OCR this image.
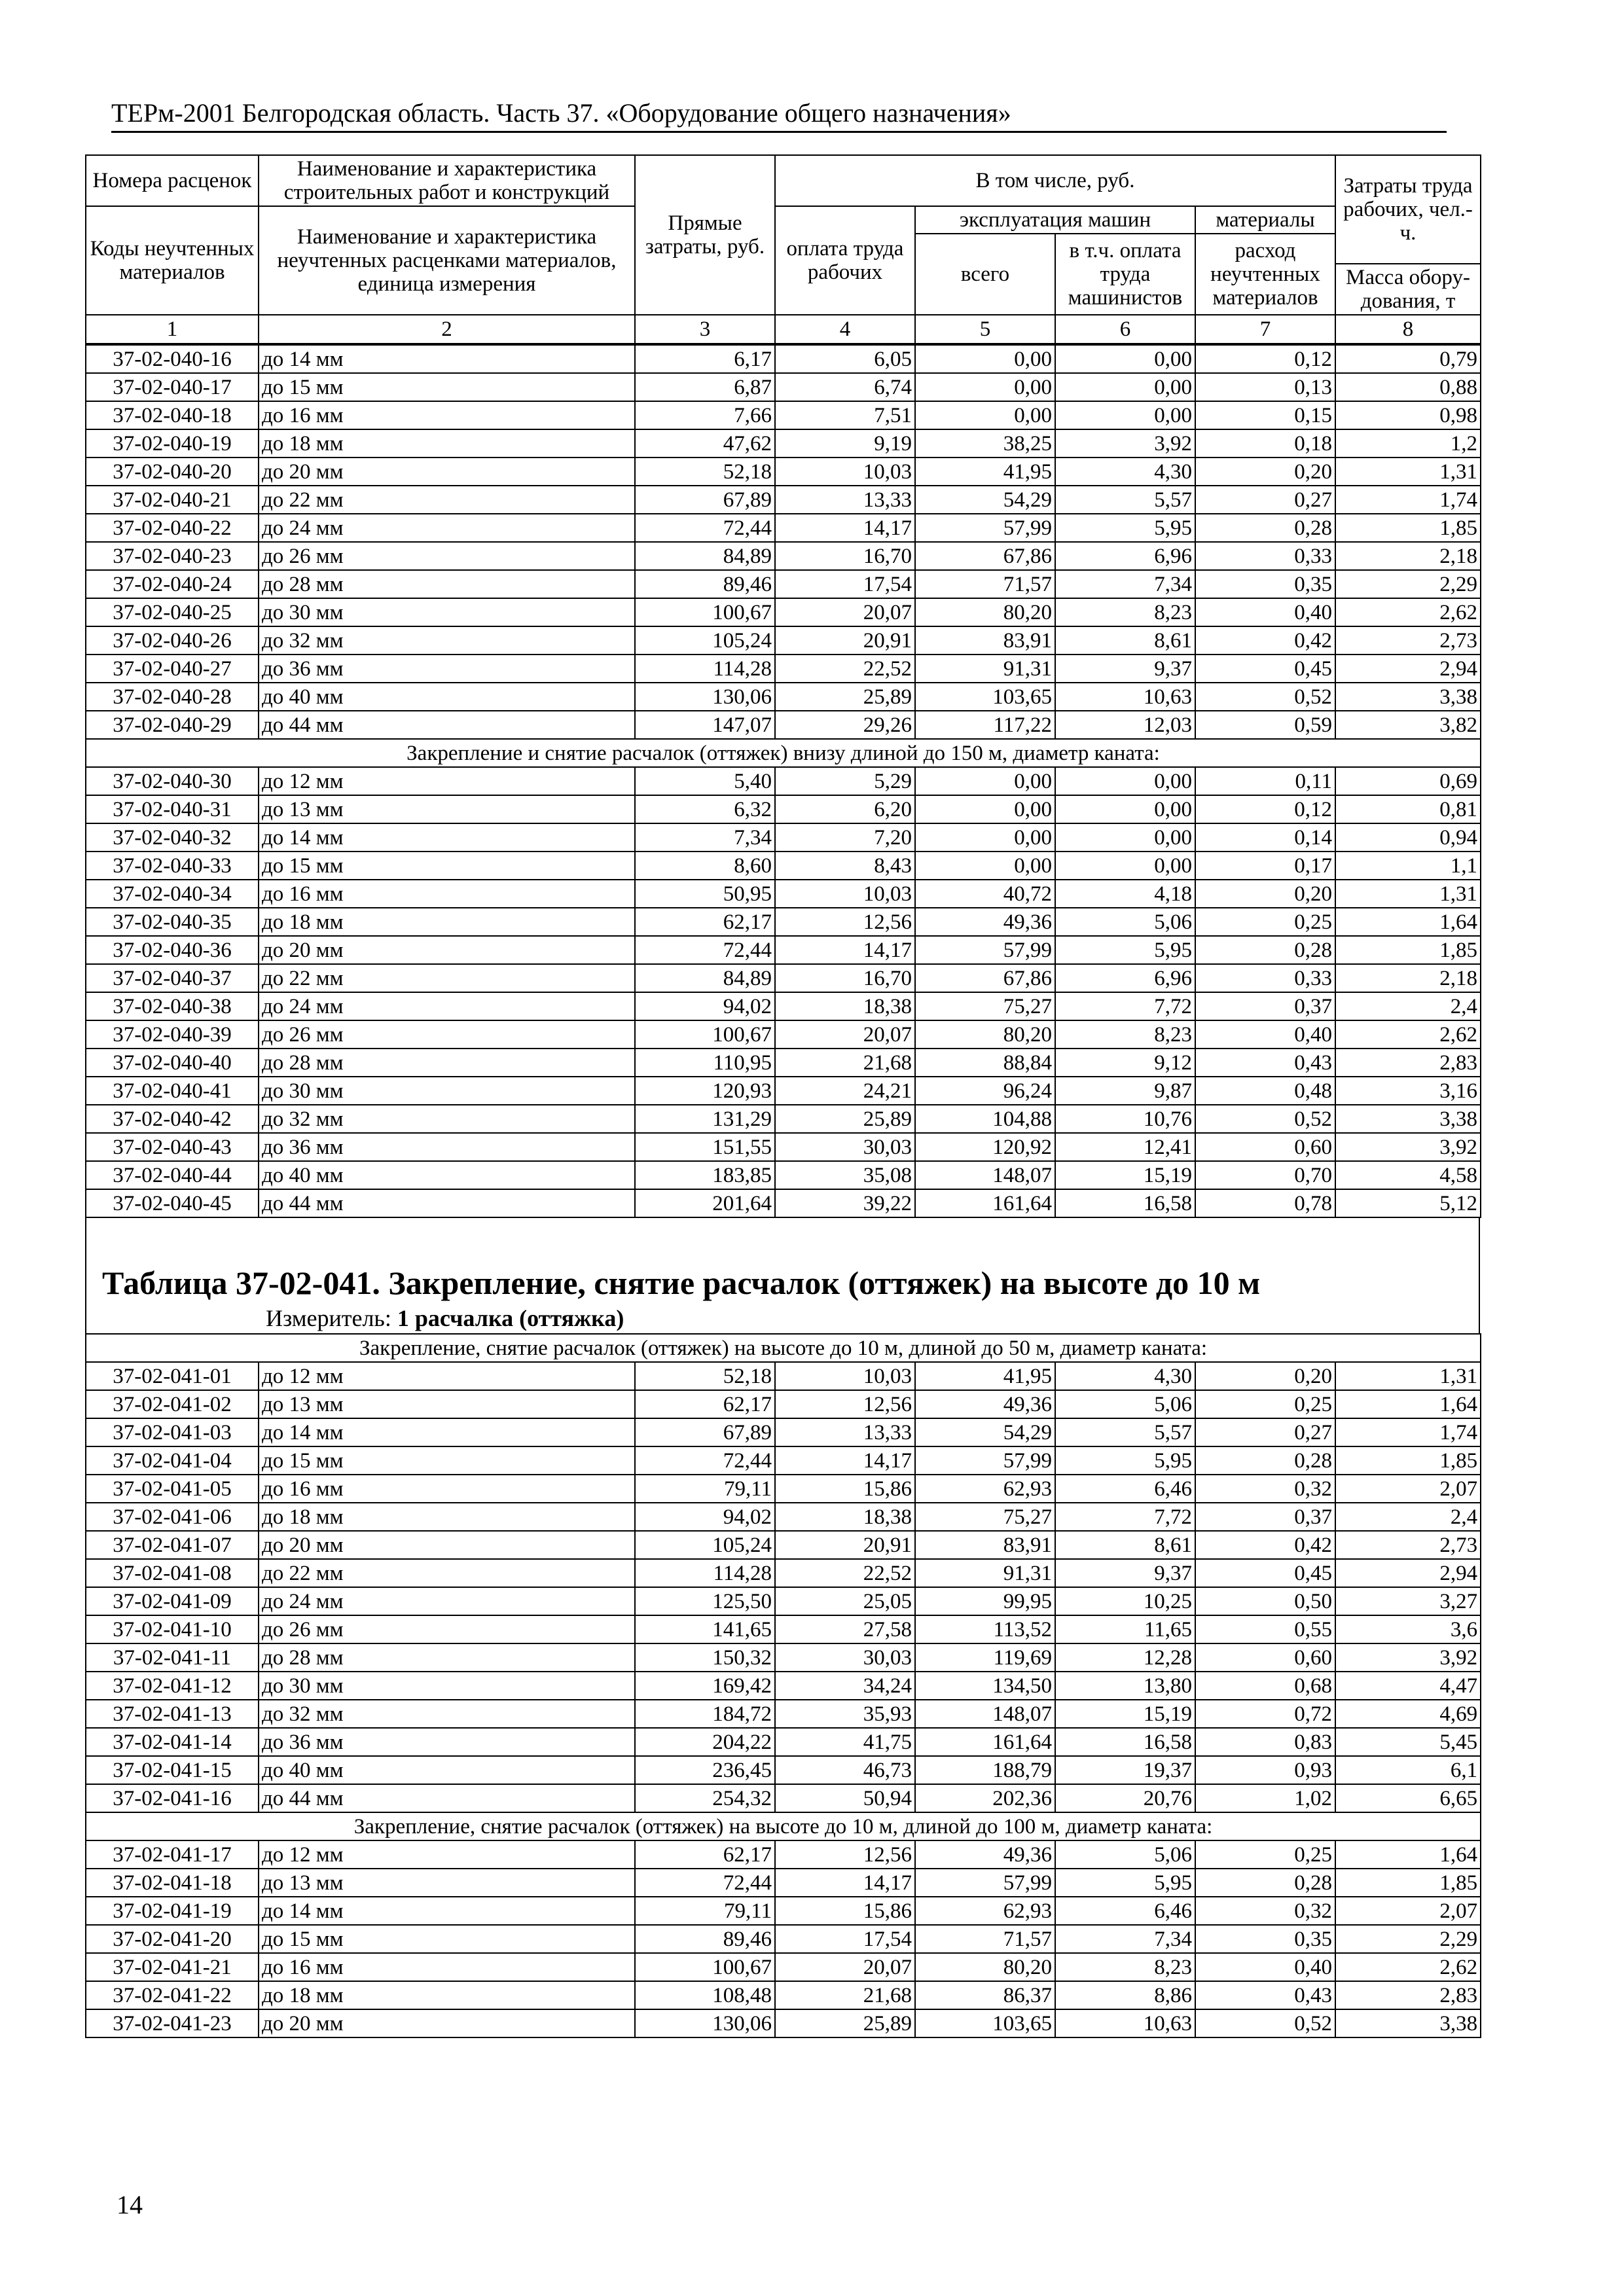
ТЕРм-2001 Белгородская область. Часть 37. «Оборудование общего назначения»
Номера расценок	Наименование и характеристика строительных работ и конструкций	Прямые затраты, руб.	В том числе, руб.				Затраты труда рабочих, чел.-ч.
Коды неучтенных материалов	Наименование и характеристика неучтенных расценками материалов, единица измерения		оплата труда рабочих	эксплуатация машин		материалы	
				всего	в т.ч. оплата труда машинистов	расход неучтенных материалов	
							Масса обору-дования, т
1	2	3	4	5	6	7	8
37-02-040-16	до 14 мм	6,17	6,05	0,00	0,00	0,12	0,79
37-02-040-17	до 15 мм	6,87	6,74	0,00	0,00	0,13	0,88
37-02-040-18	до 16 мм	7,66	7,51	0,00	0,00	0,15	0,98
37-02-040-19	до 18 мм	47,62	9,19	38,25	3,92	0,18	1,2
37-02-040-20	до 20 мм	52,18	10,03	41,95	4,30	0,20	1,31
37-02-040-21	до 22 мм	67,89	13,33	54,29	5,57	0,27	1,74
37-02-040-22	до 24 мм	72,44	14,17	57,99	5,95	0,28	1,85
37-02-040-23	до 26 мм	84,89	16,70	67,86	6,96	0,33	2,18
37-02-040-24	до 28 мм	89,46	17,54	71,57	7,34	0,35	2,29
37-02-040-25	до 30 мм	100,67	20,07	80,20	8,23	0,40	2,62
37-02-040-26	до 32 мм	105,24	20,91	83,91	8,61	0,42	2,73
37-02-040-27	до 36 мм	114,28	22,52	91,31	9,37	0,45	2,94
37-02-040-28	до 40 мм	130,06	25,89	103,65	10,63	0,52	3,38
37-02-040-29	до 44 мм	147,07	29,26	117,22	12,03	0,59	3,82
Закрепление и снятие расчалок (оттяжек) внизу длиной до 150 м, диаметр каната:							
37-02-040-30	до 12 мм	5,40	5,29	0,00	0,00	0,11	0,69
37-02-040-31	до 13 мм	6,32	6,20	0,00	0,00	0,12	0,81
37-02-040-32	до 14 мм	7,34	7,20	0,00	0,00	0,14	0,94
37-02-040-33	до 15 мм	8,60	8,43	0,00	0,00	0,17	1,1
37-02-040-34	до 16 мм	50,95	10,03	40,72	4,18	0,20	1,31
37-02-040-35	до 18 мм	62,17	12,56	49,36	5,06	0,25	1,64
37-02-040-36	до 20 мм	72,44	14,17	57,99	5,95	0,28	1,85
37-02-040-37	до 22 мм	84,89	16,70	67,86	6,96	0,33	2,18
37-02-040-38	до 24 мм	94,02	18,38	75,27	7,72	0,37	2,4
37-02-040-39	до 26 мм	100,67	20,07	80,20	8,23	0,40	2,62
37-02-040-40	до 28 мм	110,95	21,68	88,84	9,12	0,43	2,83
37-02-040-41	до 30 мм	120,93	24,21	96,24	9,87	0,48	3,16
37-02-040-42	до 32 мм	131,29	25,89	104,88	10,76	0,52	3,38
37-02-040-43	до 36 мм	151,55	30,03	120,92	12,41	0,60	3,92
37-02-040-44	до 40 мм	183,85	35,08	148,07	15,19	0,70	4,58
37-02-040-45	до 44 мм	201,64	39,22	161,64	16,58	0,78	5,12
Таблица 37-02-041. Закрепление, снятие расчалок (оттяжек) на высоте до 10 м
Измеритель: 1 расчалка (оттяжка)
Закрепление, снятие расчалок (оттяжек) на высоте до 10 м, длиной до 50 м, диаметр каната:							
37-02-041-01	до 12 мм	52,18	10,03	41,95	4,30	0,20	1,31
37-02-041-02	до 13 мм	62,17	12,56	49,36	5,06	0,25	1,64
37-02-041-03	до 14 мм	67,89	13,33	54,29	5,57	0,27	1,74
37-02-041-04	до 15 мм	72,44	14,17	57,99	5,95	0,28	1,85
37-02-041-05	до 16 мм	79,11	15,86	62,93	6,46	0,32	2,07
37-02-041-06	до 18 мм	94,02	18,38	75,27	7,72	0,37	2,4
37-02-041-07	до 20 мм	105,24	20,91	83,91	8,61	0,42	2,73
37-02-041-08	до 22 мм	114,28	22,52	91,31	9,37	0,45	2,94
37-02-041-09	до 24 мм	125,50	25,05	99,95	10,25	0,50	3,27
37-02-041-10	до 26 мм	141,65	27,58	113,52	11,65	0,55	3,6
37-02-041-11	до 28 мм	150,32	30,03	119,69	12,28	0,60	3,92
37-02-041-12	до 30 мм	169,42	34,24	134,50	13,80	0,68	4,47
37-02-041-13	до 32 мм	184,72	35,93	148,07	15,19	0,72	4,69
37-02-041-14	до 36 мм	204,22	41,75	161,64	16,58	0,83	5,45
37-02-041-15	до 40 мм	236,45	46,73	188,79	19,37	0,93	6,1
37-02-041-16	до 44 мм	254,32	50,94	202,36	20,76	1,02	6,65
Закрепление, снятие расчалок (оттяжек) на высоте до 10 м, длиной до 100 м, диаметр каната:							
37-02-041-17	до 12 мм	62,17	12,56	49,36	5,06	0,25	1,64
37-02-041-18	до 13 мм	72,44	14,17	57,99	5,95	0,28	1,85
37-02-041-19	до 14 мм	79,11	15,86	62,93	6,46	0,32	2,07
37-02-041-20	до 15 мм	89,46	17,54	71,57	7,34	0,35	2,29
37-02-041-21	до 16 мм	100,67	20,07	80,20	8,23	0,40	2,62
37-02-041-22	до 18 мм	108,48	21,68	86,37	8,86	0,43	2,83
37-02-041-23	до 20 мм	130,06	25,89	103,65	10,63	0,52	3,38
14
